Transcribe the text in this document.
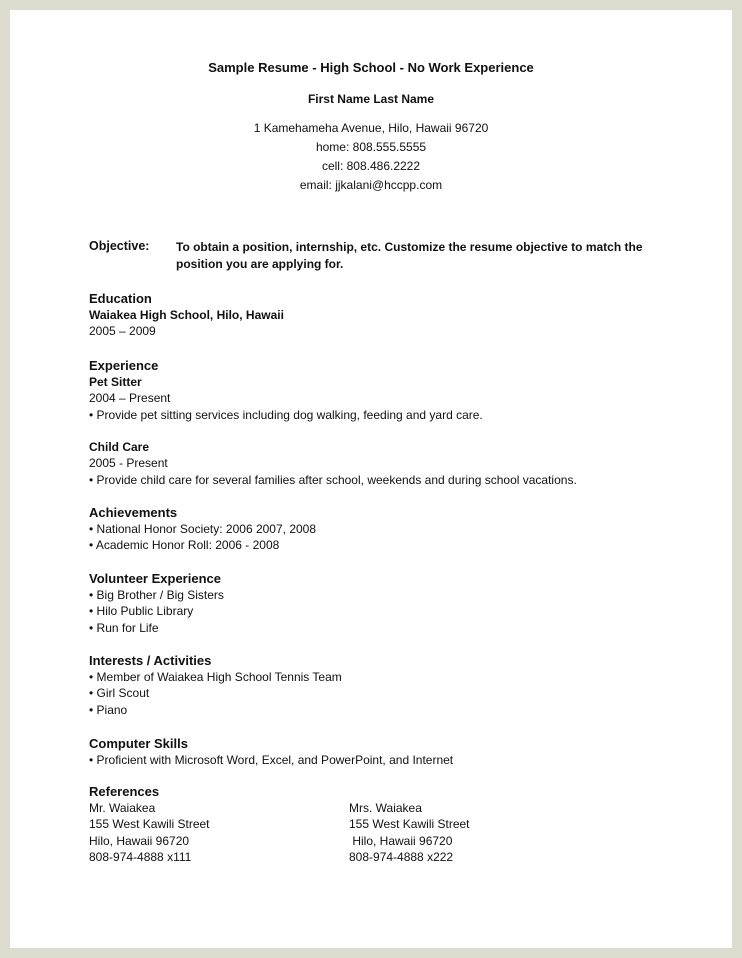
Sample Resume - High School - No Work Experience
First Name Last Name
1 Kamehameha Avenue, Hilo, Hawaii 96720
home: 808.555.5555
cell: 808.486.2222
email: jjkalani@hccpp.com
Objective: To obtain a position, internship, etc. Customize the resume objective to match the position you are applying for.
Education
Waiakea High School, Hilo, Hawaii
2005 – 2009
Experience
Pet Sitter
2004 – Present
• Provide pet sitting services including dog walking, feeding and yard care.
Child Care
2005 - Present
• Provide child care for several families after school, weekends and during school vacations.
Achievements
• National Honor Society: 2006 2007, 2008
• Academic Honor Roll: 2006 - 2008
Volunteer Experience
• Big Brother / Big Sisters
• Hilo Public Library
• Run for Life
Interests / Activities
• Member of Waiakea High School Tennis Team
• Girl Scout
• Piano
Computer Skills
• Proficient with Microsoft Word, Excel, and PowerPoint, and Internet
References
Mr. Waiakea
155 West Kawili Street
Hilo, Hawaii 96720
808-974-4888 x111
Mrs. Waiakea
155 West Kawili Street
Hilo, Hawaii 96720
808-974-4888 x222
